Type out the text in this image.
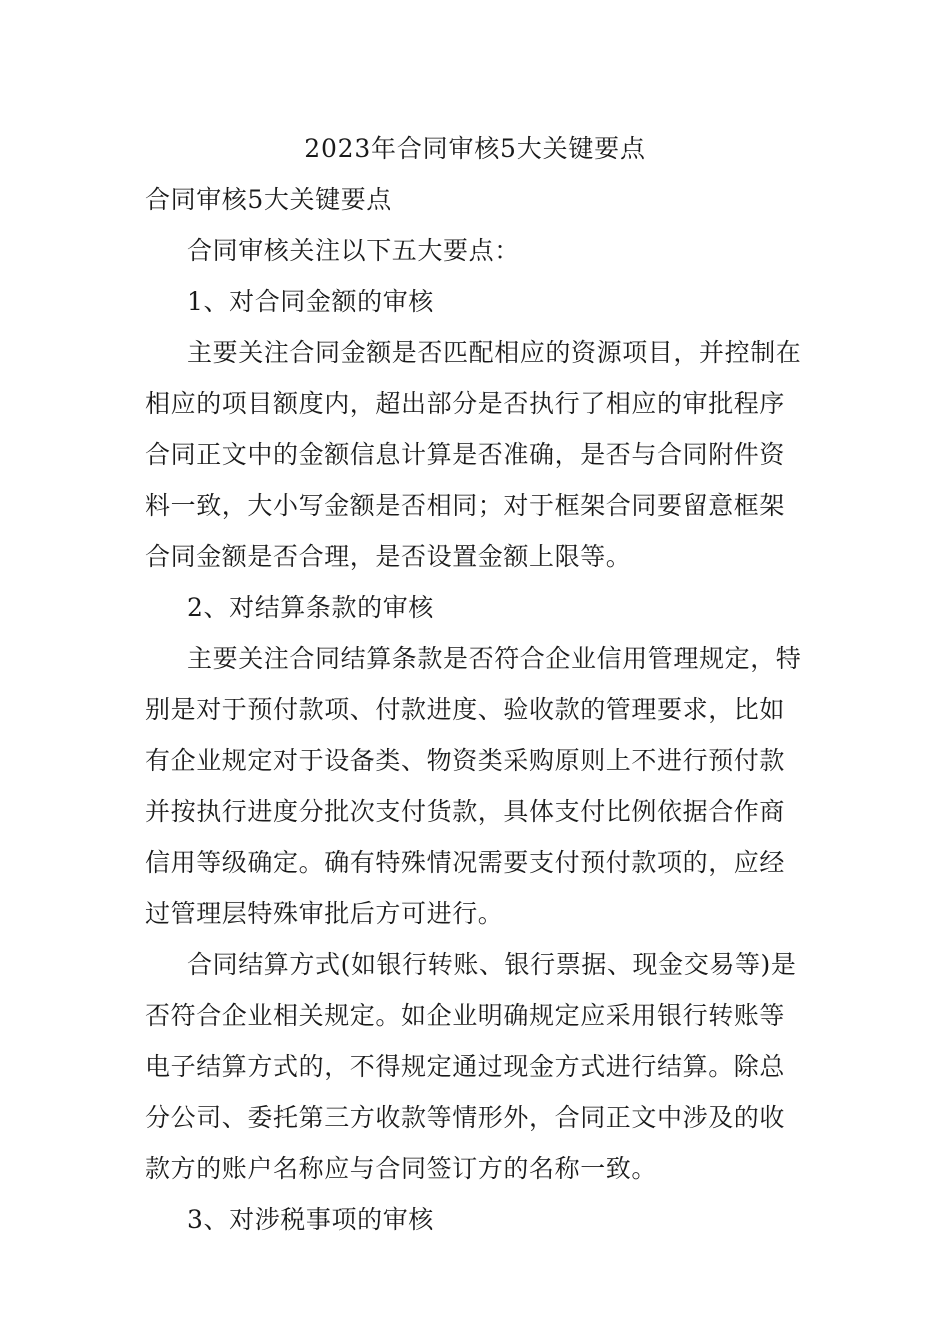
2023年合同审核5大关键要点
合同审核5大关键要点
合同审核关注以下五大要点：
1、对合同金额的审核
主要关注合同金额是否匹配相应的资源项目，并控制在
相应的项目额度内，超出部分是否执行了相应的审批程序
合同正文中的金额信息计算是否准确，是否与合同附件资
料一致，大小写金额是否相同；对于框架合同要留意框架
合同金额是否合理，是否设置金额上限等。
2、对结算条款的审核
主要关注合同结算条款是否符合企业信用管理规定，特
别是对于预付款项、付款进度、验收款的管理要求，比如
有企业规定对于设备类、物资类采购原则上不进行预付款
并按执行进度分批次支付货款，具体支付比例依据合作商
信用等级确定。确有特殊情况需要支付预付款项的，应经
过管理层特殊审批后方可进行。
合同结算方式(如银行转账、银行票据、现金交易等)是
否符合企业相关规定。如企业明确规定应采用银行转账等
电子结算方式的，不得规定通过现金方式进行结算。除总
分公司、委托第三方收款等情形外，合同正文中涉及的收
款方的账户名称应与合同签订方的名称一致。
3、对涉税事项的审核
